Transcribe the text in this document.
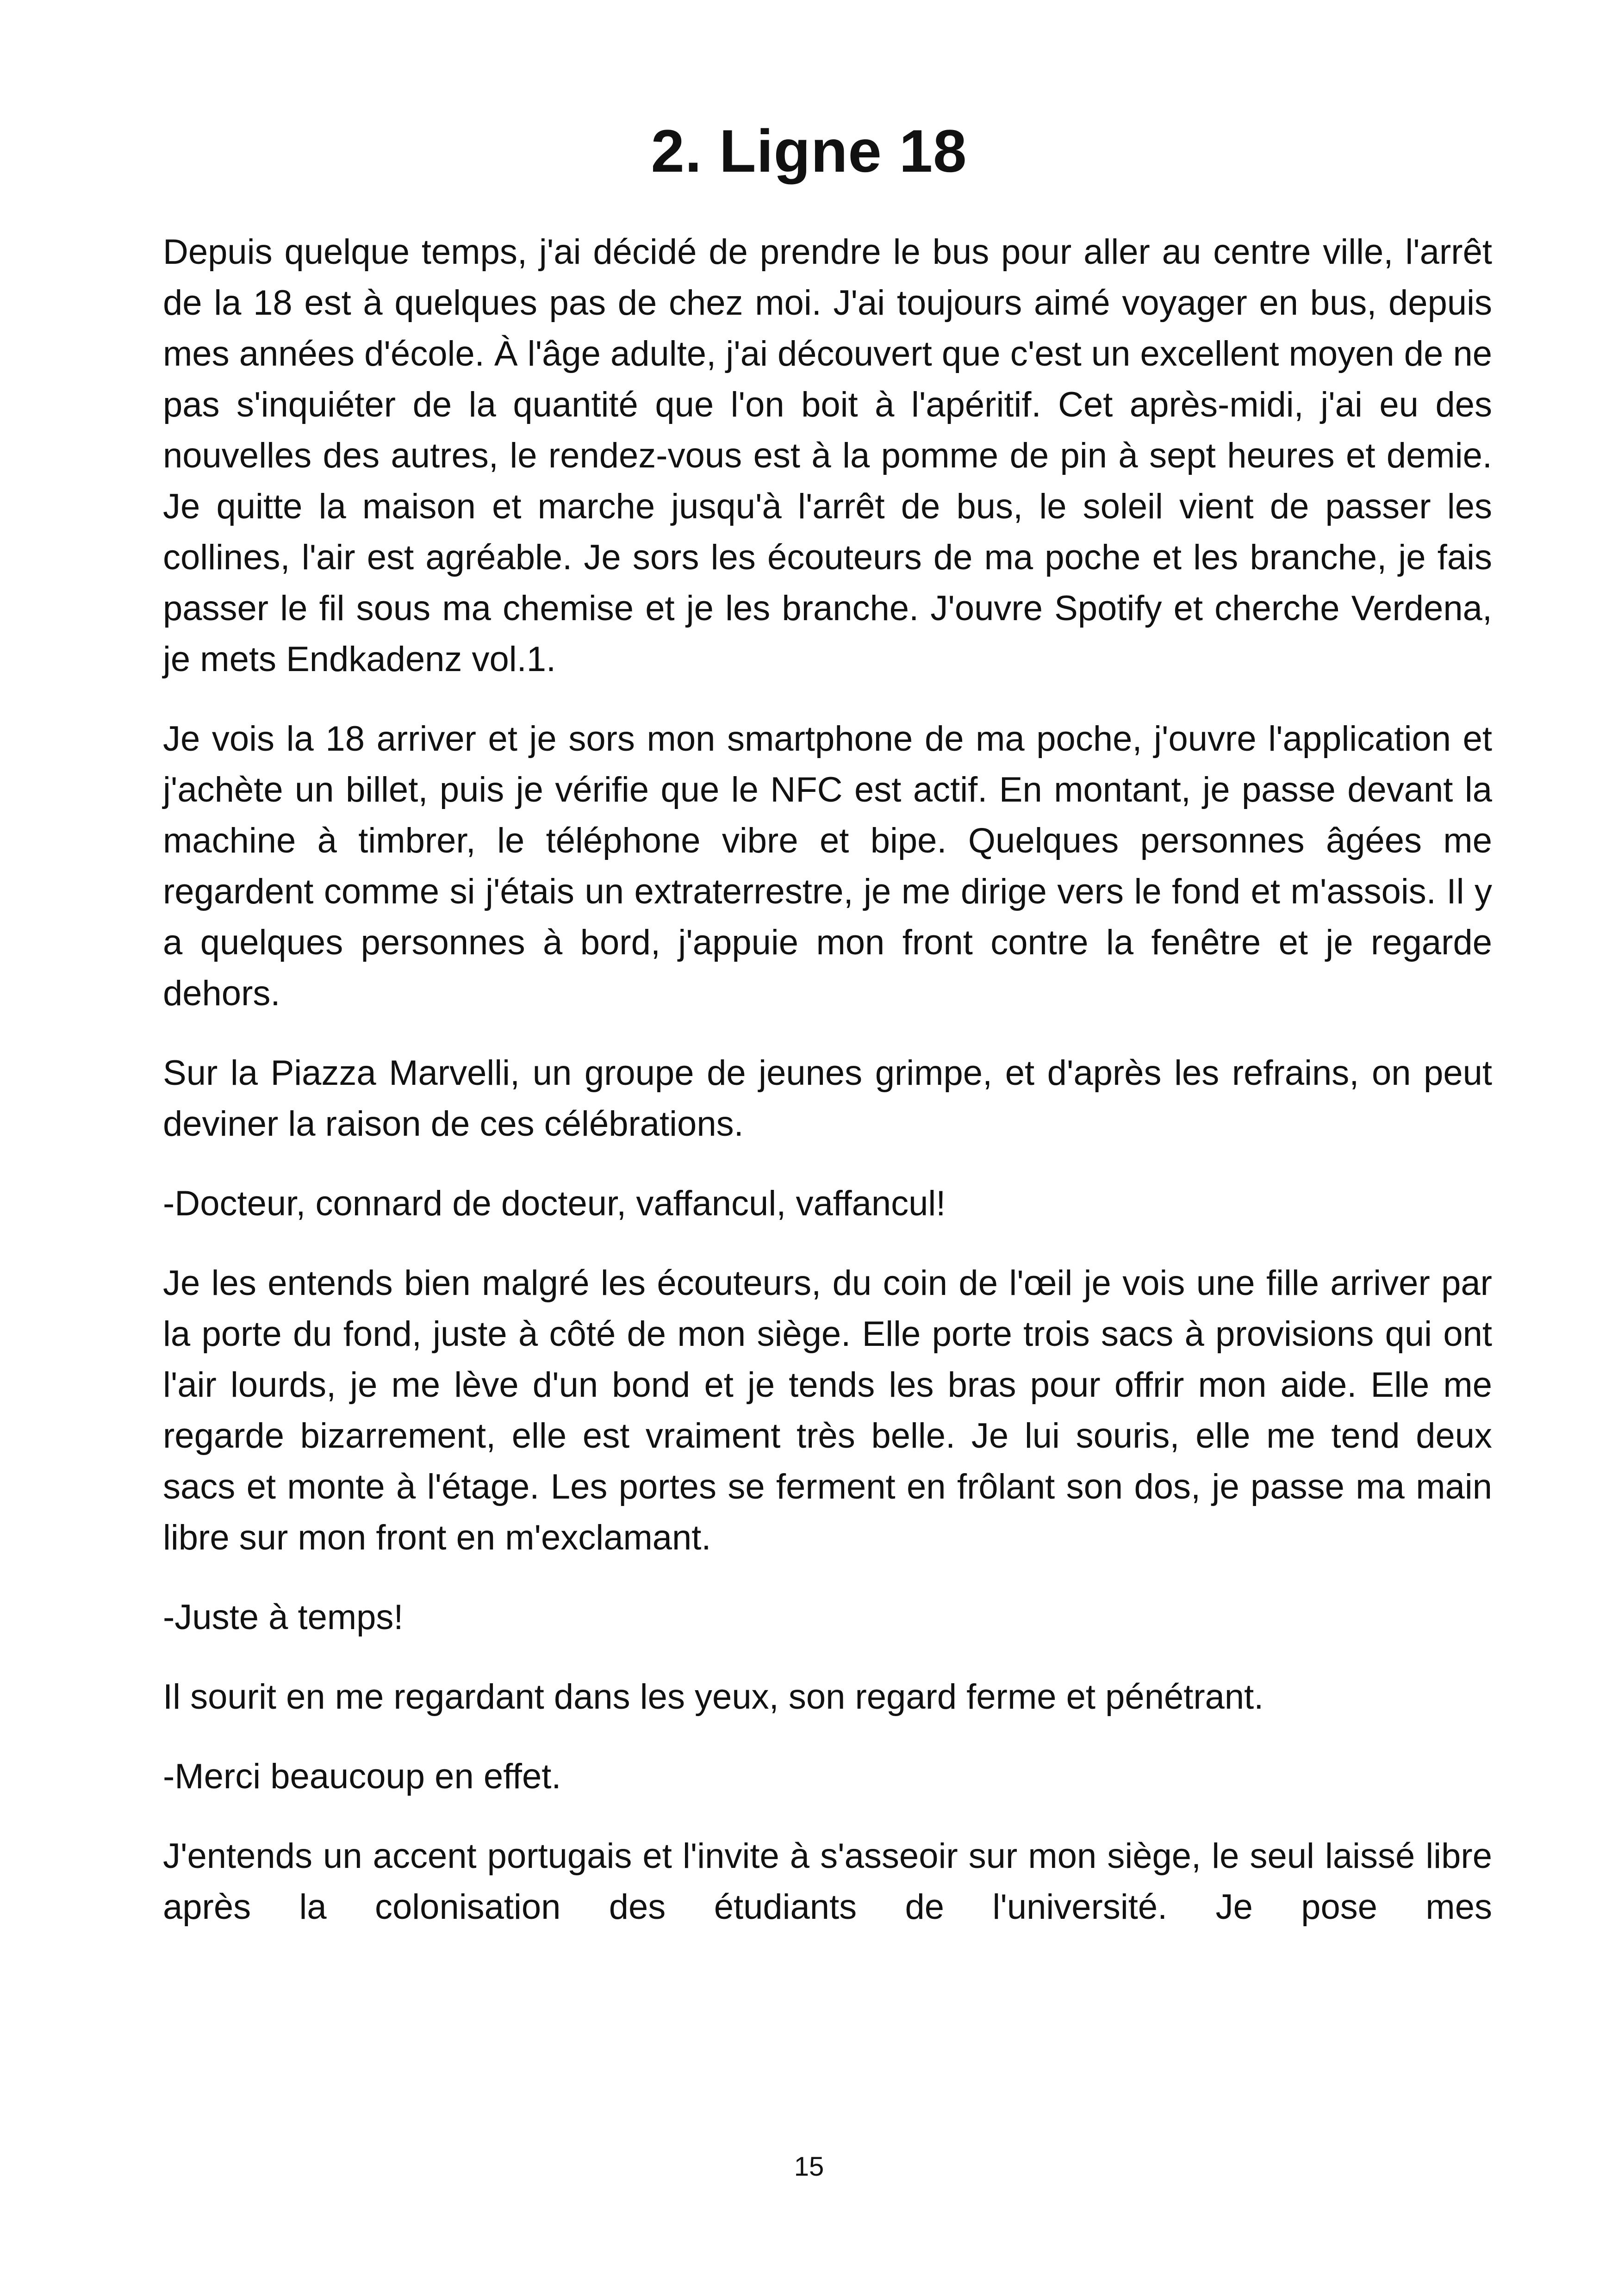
2. Ligne 18

Depuis quelque temps, j'ai décidé de prendre le bus pour aller au centre ville, l'arrêt de la 18 est à quelques pas de chez moi. J'ai toujours aimé voyager en bus, depuis mes années d'école. À l'âge adulte, j'ai découvert que c'est un excellent moyen de ne pas s'inquiéter de la quantité que l'on boit à l'apéritif. Cet après-midi, j'ai eu des nouvelles des autres, le rendez-vous est à la pomme de pin à sept heures et demie. Je quitte la maison et marche jusqu'à l'arrêt de bus, le soleil vient de passer les collines, l'air est agréable. Je sors les écouteurs de ma poche et les branche, je fais passer le fil sous ma chemise et je les branche. J'ouvre Spotify et cherche Verdena, je mets Endkadenz vol.1.

Je vois la 18 arriver et je sors mon smartphone de ma poche, j'ouvre l'application et j'achète un billet, puis je vérifie que le NFC est actif. En montant, je passe devant la machine à timbrer, le téléphone vibre et bipe. Quelques personnes âgées me regardent comme si j'étais un extraterrestre, je me dirige vers le fond et m'assois. Il y a quelques personnes à bord, j'appuie mon front contre la fenêtre et je regarde dehors.

Sur la Piazza Marvelli, un groupe de jeunes grimpe, et d'après les refrains, on peut deviner la raison de ces célébrations.

-Docteur, connard de docteur, vaffancul, vaffancul!

Je les entends bien malgré les écouteurs, du coin de l'œil je vois une fille arriver par la porte du fond, juste à côté de mon siège. Elle porte trois sacs à provisions qui ont l'air lourds, je me lève d'un bond et je tends les bras pour offrir mon aide. Elle me regarde bizarrement, elle est vraiment très belle. Je lui souris, elle me tend deux sacs et monte à l'étage. Les portes se ferment en frôlant son dos, je passe ma main libre sur mon front en m'exclamant.

-Juste à temps!

Il sourit en me regardant dans les yeux, son regard ferme et pénétrant.

-Merci beaucoup en effet.

J'entends un accent portugais et l'invite à s'asseoir sur mon siège, le seul laissé libre après la colonisation des étudiants de l'université. Je pose mes

15
